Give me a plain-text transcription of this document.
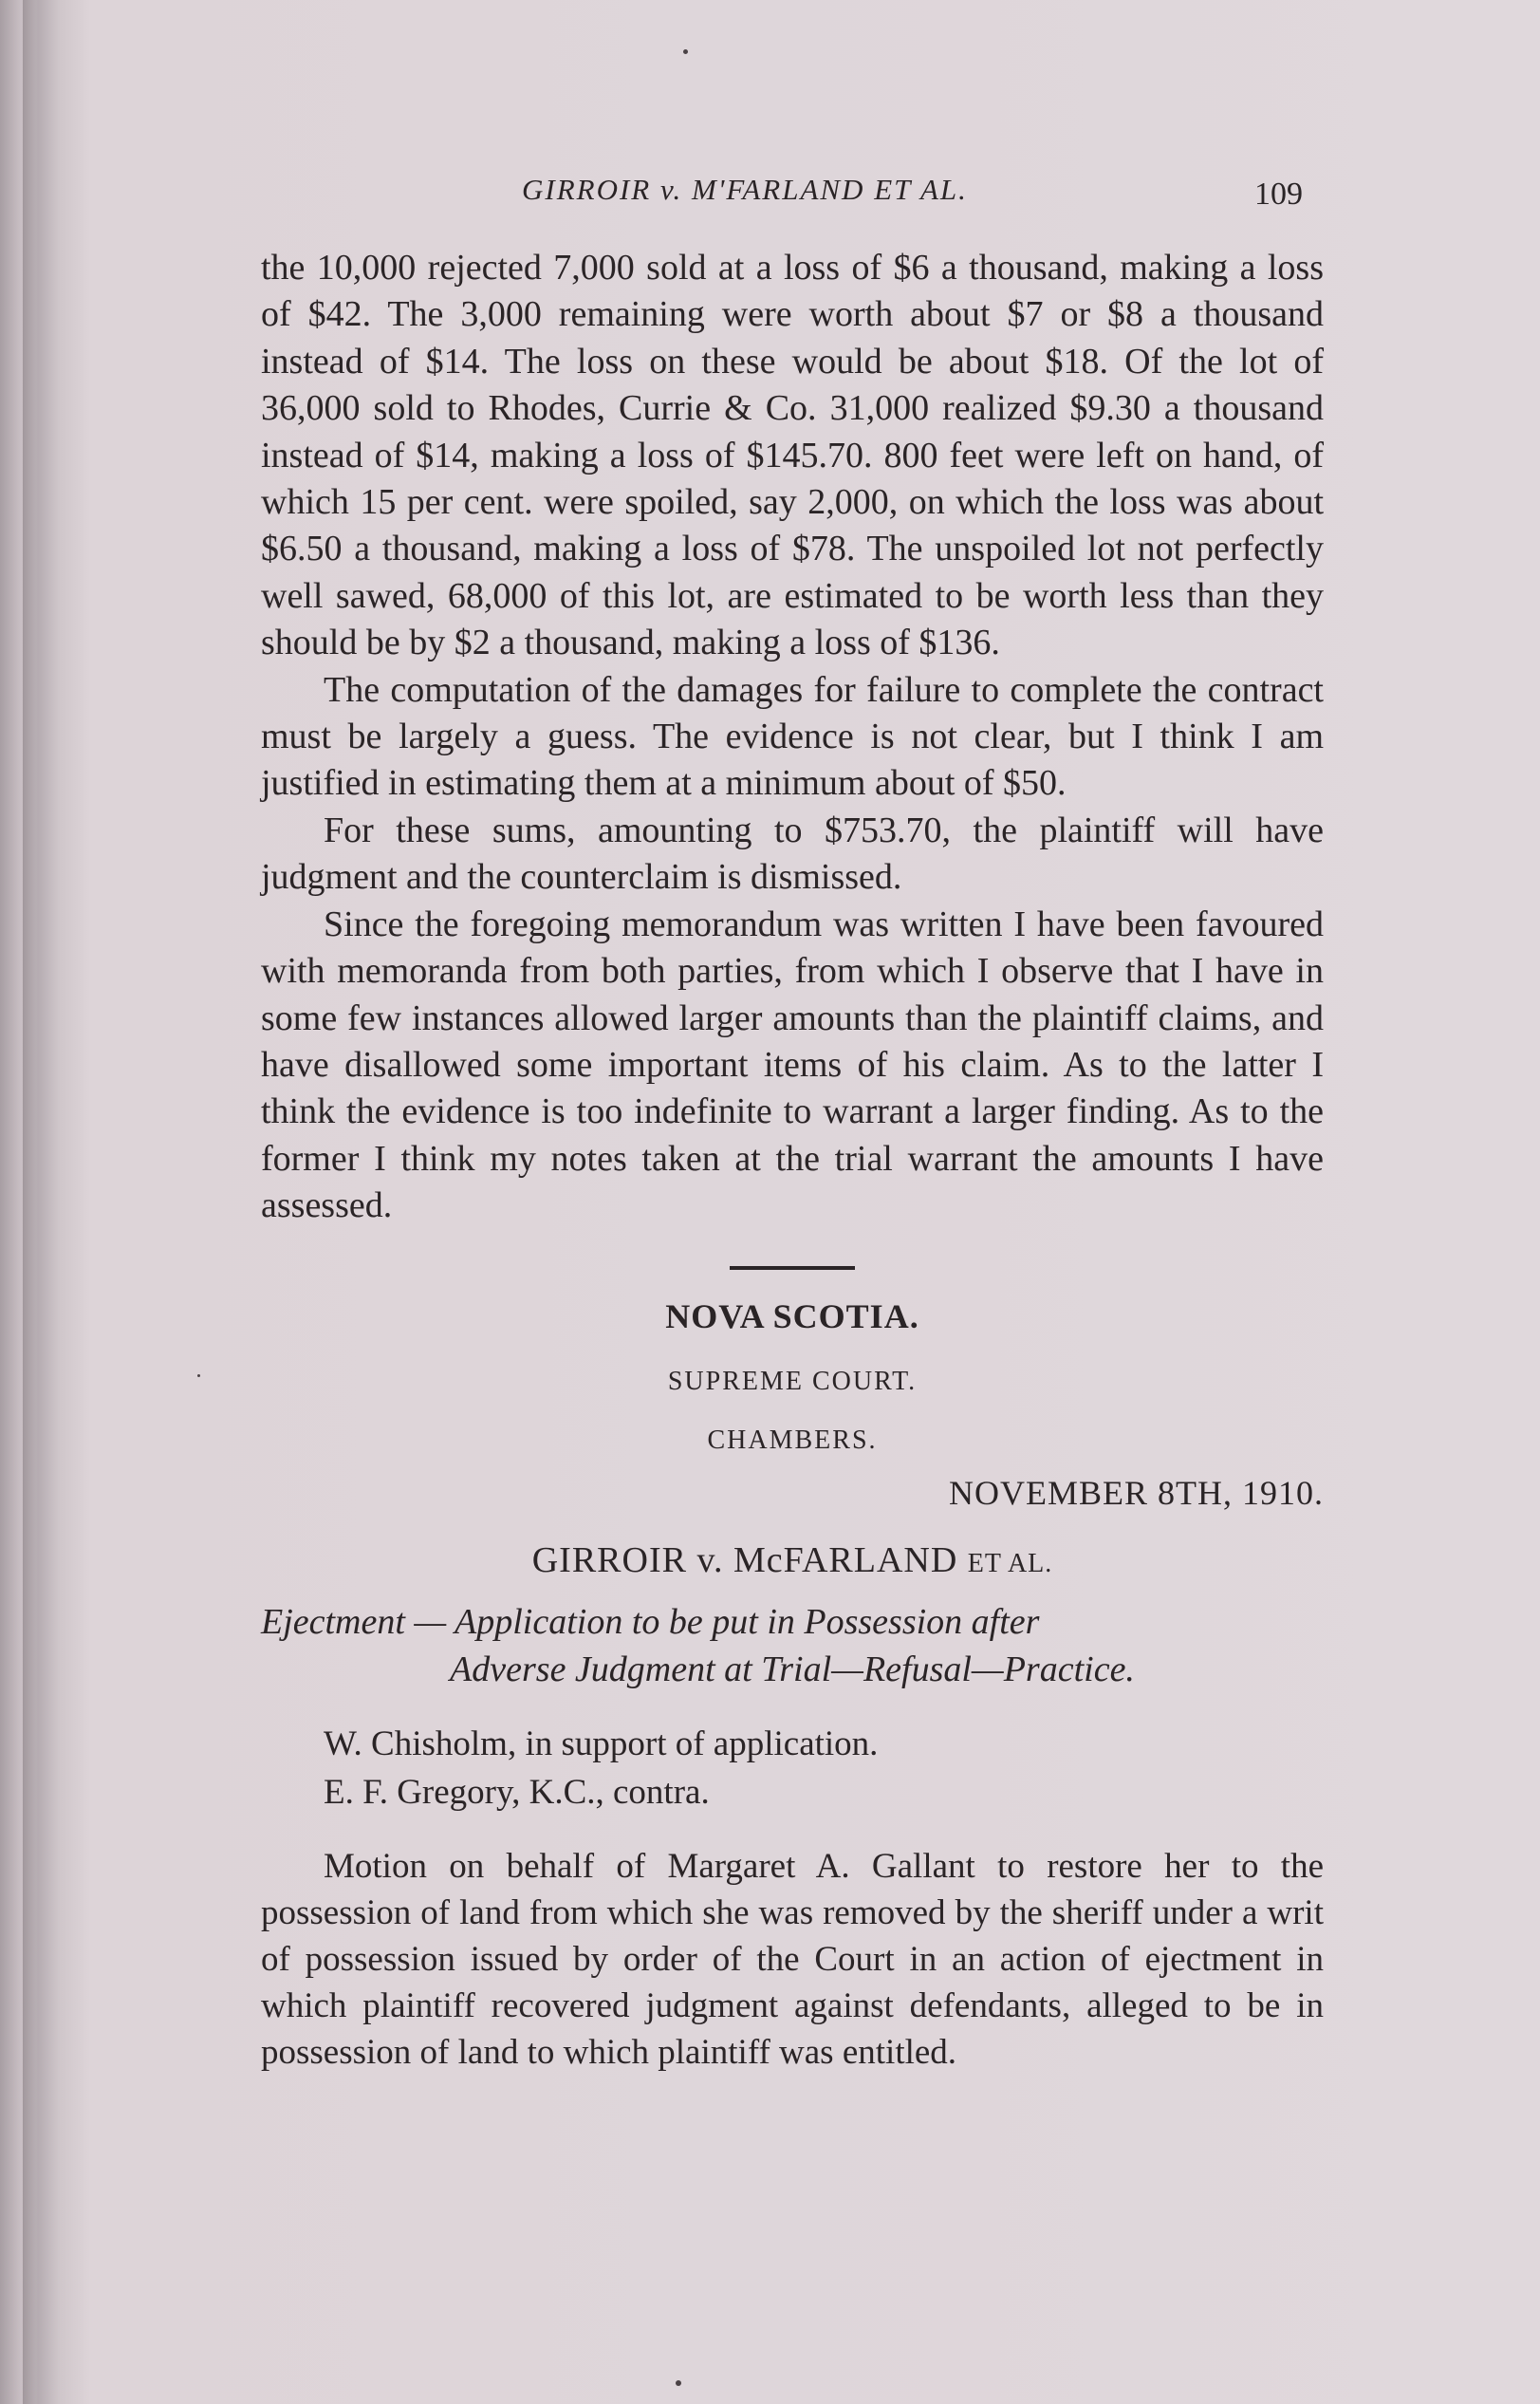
GIRROIR v. M'FARLAND ET AL.	109

the 10,000 rejected 7,000 sold at a loss of $6 a thousand, making a loss of $42. The 3,000 remaining were worth about $7 or $8 a thousand instead of $14. The loss on these would be about $18. Of the lot of 36,000 sold to Rhodes, Currie & Co. 31,000 realized $9.30 a thousand instead of $14, making a loss of $145.70. 800 feet were left on hand, of which 15 per cent. were spoiled, say 2,000, on which the loss was about $6.50 a thousand, making a loss of $78. The unspoiled lot not perfectly well sawed, 68,000 of this lot, are estimated to be worth less than they should be by $2 a thousand, making a loss of $136.

The computation of the damages for failure to complete the contract must be largely a guess. The evidence is not clear, but I think I am justified in estimating them at a minimum about of $50.

For these sums, amounting to $753.70, the plaintiff will have judgment and the counterclaim is dismissed.

Since the foregoing memorandum was written I have been favoured with memoranda from both parties, from which I observe that I have in some few instances allowed larger amounts than the plaintiff claims, and have disallowed some important items of his claim. As to the latter I think the evidence is too indefinite to warrant a larger finding. As to the former I think my notes taken at the trial warrant the amounts I have assessed.

NOVA SCOTIA.
SUPREME COURT.
CHAMBERS.
NOVEMBER 8TH, 1910.
GIRROIR v. McFARLAND ET AL.
Ejectment — Application to be put in Possession after
Adverse Judgment at Trial—Refusal—Practice.
W. Chisholm, in support of application.
E. F. Gregory, K.C., contra.

Motion on behalf of Margaret A. Gallant to restore her to the possession of land from which she was removed by the sheriff under a writ of possession issued by order of the Court in an action of ejectment in which plaintiff recovered judgment against defendants, alleged to be in possession of land to which plaintiff was entitled.
